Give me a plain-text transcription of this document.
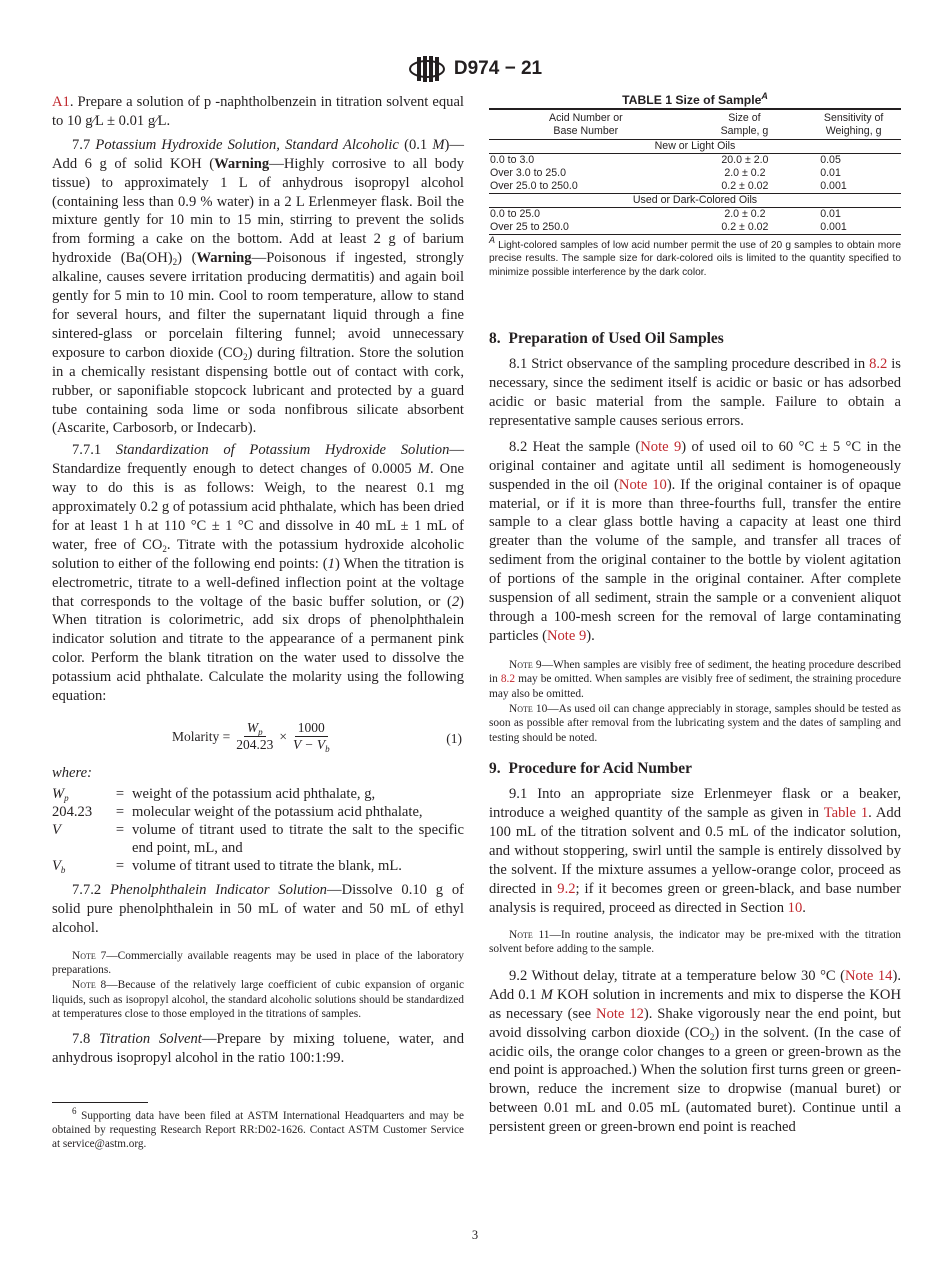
D974 − 21

A1. Prepare a solution of p -naphtholbenzein in titration solvent equal to 10 g⁄L ± 0.01 g⁄L.

7.7 Potassium Hydroxide Solution, Standard Alcoholic (0.1 M)—Add 6 g of solid KOH (Warning—Highly corrosive to all body tissue) to approximately 1 L of anhydrous isopropyl alcohol (containing less than 0.9 % water) in a 2 L Erlenmeyer flask. Boil the mixture gently for 10 min to 15 min, stirring to prevent the solids from forming a cake on the bottom. Add at least 2 g of barium hydroxide $(Ba(OH)_2)$ (Warning—Poisonous if ingested, strongly alkaline, causes severe irritation producing dermatitis) and again boil gently for 5 min to 10 min. Cool to room temperature, allow to stand for several hours, and filter the supernatant liquid through a fine sintered-glass or porcelain filtering funnel; avoid unnecessary exposure to carbon dioxide $(CO_2)$ during filtration. Store the solution in a chemically resistant dispensing bottle out of contact with cork, rubber, or saponifiable stopcock lubricant and protected by a guard tube containing soda lime or soda nonfibrous silicate absorbent (Ascarite, Carbosorb, or Indecarb).

7.7.1 Standardization of Potassium Hydroxide Solution—Standardize frequently enough to detect changes of 0.0005 M. One way to do this is as follows: Weigh, to the nearest 0.1 mg approximately 0.2 g of potassium acid phthalate, which has been dried for at least 1 h at 110 °C ± 1 °C and dissolve in 40 mL ± 1 mL of water, free of $CO_2$. Titrate with the potassium hydroxide alcoholic solution to either of the following end points: (1) When the titration is electrometric, titrate to a well-defined inflection point at the voltage that corresponds to the voltage of the basic buffer solution, or (2) When titration is colorimetric, add six drops of phenolphthalein indicator solution and titrate to the appearance of a permanent pink color. Perform the blank titration on the water used to dissolve the potassium acid phthalate. Calculate the molarity using the following equation:

Molarity = $\frac{W_p}{204.23} \times \frac{1000}{V - V_b}$	(1)
where:
$W_p$	= weight of the potassium acid phthalate, g,
204.23	= molecular weight of the potassium acid phthalate,
V	= volume of titrant used to titrate the salt to the specific end point, mL, and
$V_b$	= volume of titrant used to titrate the blank, mL.

7.7.2 Phenolphthalein Indicator Solution—Dissolve 0.10 g of solid pure phenolphthalein in 50 mL of water and 50 mL of ethyl alcohol.

Note 7—Commercially available reagents may be used in place of the laboratory preparations.

Note 8—Because of the relatively large coefficient of cubic expansion of organic liquids, such as isopropyl alcohol, the standard alcoholic solutions should be standardized at temperatures close to those employed in the titrations of samples.

7.8 Titration Solvent—Prepare by mixing toluene, water, and anhydrous isopropyl alcohol in the ratio 100:1:99.

$^6$ Supporting data have been filed at ASTM International Headquarters and may be obtained by requesting Research Report RR:D02-1626. Contact ASTM Customer Service at service@astm.org.
TABLE 1 Size of Sample$^A$
Acid Number or
Base Number	Size of
Sample, g	Sensitivity of
Weighing, g
New or Light Oils		
0.0 to 3.0	20.0 ± 2.0	0.05
Over 3.0 to 25.0	2.0 ± 0.2	0.01
Over 25.0 to 250.0	0.2 ± 0.02	0.001
Used or Dark-Colored Oils		
0.0 to 25.0	2.0 ± 0.2	0.01
Over 25 to 250.0	0.2 ± 0.02	0.001
$^A$ Light-colored samples of low acid number permit the use of 20 g samples to obtain more precise results. The sample size for dark-colored oils is limited to the quantity specified to minimize possible interference by the dark color.
8. Preparation of Used Oil Samples

8.1 Strict observance of the sampling procedure described in 8.2 is necessary, since the sediment itself is acidic or basic or has adsorbed acidic or basic material from the sample. Failure to obtain a representative sample causes serious errors.

8.2 Heat the sample (Note 9) of used oil to 60 °C ± 5 °C in the original container and agitate until all sediment is homogeneously suspended in the oil (Note 10). If the original container is of opaque material, or if it is more than three-fourths full, transfer the entire sample to a clear glass bottle having a capacity at least one third greater than the volume of the sample, and transfer all traces of sediment from the original container to the bottle by violent agitation of portions of the sample in the original container. After complete suspension of all sediment, strain the sample or a convenient aliquot through a 100-mesh screen for the removal of large contaminating particles (Note 9).

Note 9—When samples are visibly free of sediment, the heating procedure described in 8.2 may be omitted. When samples are visibly free of sediment, the straining procedure may also be omitted.

Note 10—As used oil can change appreciably in storage, samples should be tested as soon as possible after removal from the lubricating system and the dates of sampling and testing should be noted.

9. Procedure for Acid Number

9.1 Into an appropriate size Erlenmeyer flask or a beaker, introduce a weighed quantity of the sample as given in Table 1. Add 100 mL of the titration solvent and 0.5 mL of the indicator solution, and without stoppering, swirl until the sample is entirely dissolved by the solvent. If the mixture assumes a yellow-orange color, proceed as directed in 9.2; if it becomes green or green-black, and base number analysis is required, proceed as directed in Section 10.

Note 11—In routine analysis, the indicator may be pre-mixed with the titration solvent before adding to the sample.

9.2 Without delay, titrate at a temperature below 30 °C (Note 14). Add 0.1 M KOH solution in increments and mix to disperse the KOH as necessary (see Note 12). Shake vigorously near the end point, but avoid dissolving carbon dioxide $(CO_2)$ in the solvent. (In the case of acidic oils, the orange color changes to a green or green-brown as the end point is approached.) When the solution first turns green or green-brown, reduce the increment size to dropwise (manual buret) or between 0.01 mL and 0.05 mL (automated buret). Continue until a persistent green or green-brown end point is reached

3
